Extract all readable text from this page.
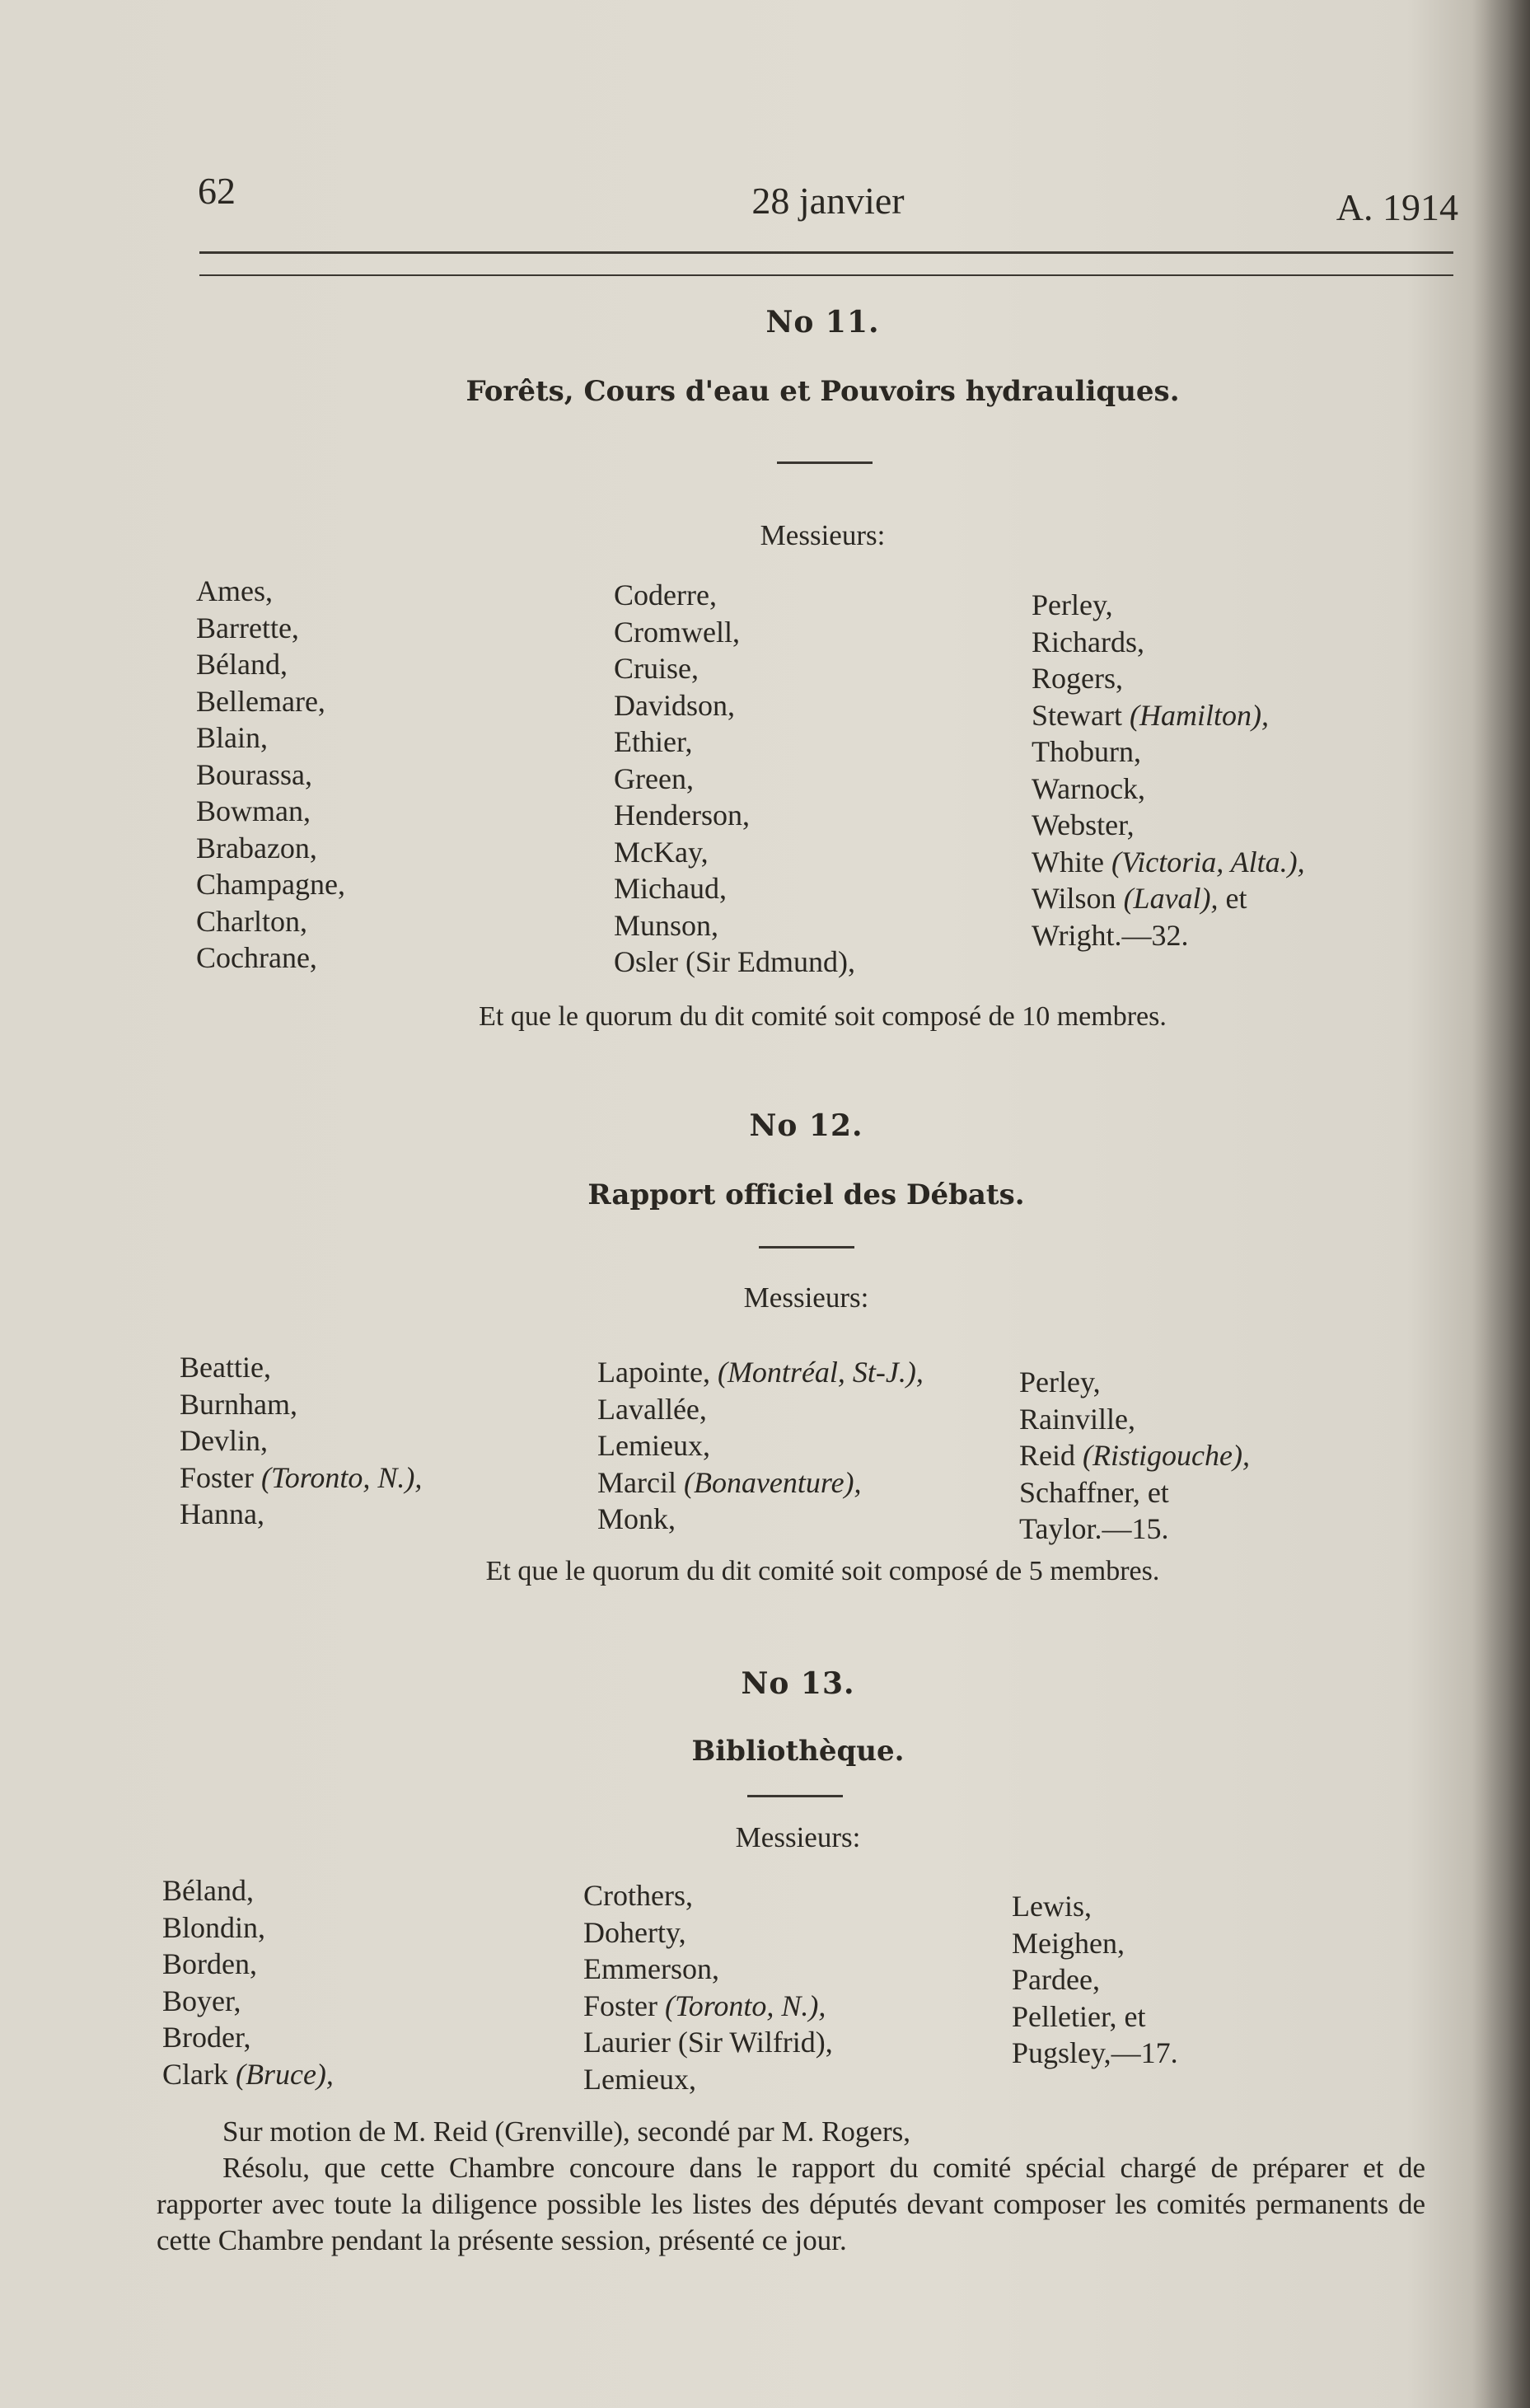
62	28 janvier	A. 1914
No 11.
Forêts, Cours d'eau et Pouvoirs hydrauliques.
Messieurs:
Ames,
Barrette,
Béland,
Bellemare,
Blain,
Bourassa,
Bowman,
Brabazon,
Champagne,
Charlton,
Cochrane,
Coderre,
Cromwell,
Cruise,
Davidson,
Ethier,
Green,
Henderson,
McKay,
Michaud,
Munson,
Osler (Sir Edmund),
Perley,
Richards,
Rogers,
Stewart (Hamilton),
Thoburn,
Warnock,
Webster,
White (Victoria, Alta.),
Wilson (Laval), et
Wright.—32.
Et que le quorum du dit comité soit composé de 10 membres.
No 12.
Rapport officiel des Débats.
Messieurs:
Beattie,
Burnham,
Devlin,
Foster (Toronto, N.),
Hanna,
Lapointe, (Montréal, St-J.),
Lavallée,
Lemieux,
Marcil (Bonaventure),
Monk,
Perley,
Rainville,
Reid (Ristigouche),
Schaffner, et
Taylor.—15.
Et que le quorum du dit comité soit composé de 5 membres.
No 13.
Bibliothèque.
Messieurs:
Béland,
Blondin,
Borden,
Boyer,
Broder,
Clark (Bruce),
Crothers,
Doherty,
Emmerson,
Foster (Toronto, N.),
Laurier (Sir Wilfrid),
Lemieux,
Lewis,
Meighen,
Pardee,
Pelletier, et
Pugsley,—17.

Sur motion de M. Reid (Grenville), secondé par M. Rogers,

Résolu, que cette Chambre concoure dans le rapport du comité spécial chargé de préparer et de rapporter avec toute la diligence possible les listes des députés devant composer les comités permanents de cette Chambre pendant la présente session, présenté ce jour.
